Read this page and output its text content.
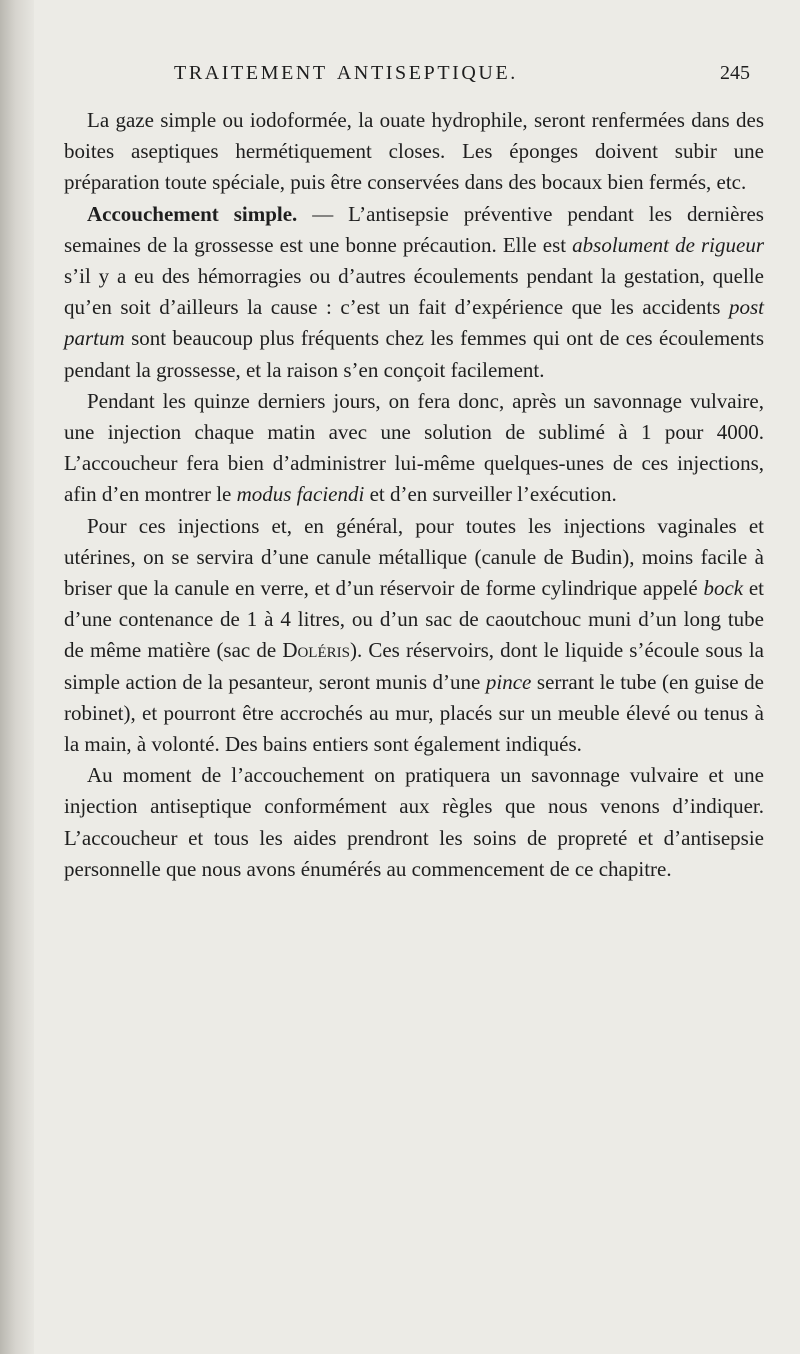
TRAITEMENT ANTISEPTIQUE.	245

La gaze simple ou iodoformée, la ouate hydrophile, seront renfermées dans des boites aseptiques hermétiquement closes. Les éponges doivent subir une préparation toute spéciale, puis être conservées dans des bocaux bien fermés, etc.

Accouchement simple. — L’antisepsie préventive pendant les dernières semaines de la grossesse est une bonne précaution. Elle est absolument de rigueur s’il y a eu des hémorragies ou d’autres écoulements pendant la gestation, quelle qu’en soit d’ailleurs la cause : c’est un fait d’expérience que les accidents post partum sont beaucoup plus fréquents chez les femmes qui ont de ces écoulements pendant la grossesse, et la raison s’en conçoit facilement.

Pendant les quinze derniers jours, on fera donc, après un savonnage vulvaire, une injection chaque matin avec une solution de sublimé à 1 pour 4000. L’accoucheur fera bien d’administrer lui-même quelques-unes de ces injections, afin d’en montrer le modus faciendi et d’en surveiller l’exécution.

Pour ces injections et, en général, pour toutes les injections vaginales et utérines, on se servira d’une canule métallique (canule de Budin), moins facile à briser que la canule en verre, et d’un réservoir de forme cylindrique appelé bock et d’une contenance de 1 à 4 litres, ou d’un sac de caoutchouc muni d’un long tube de même matière (sac de Doléris). Ces réservoirs, dont le liquide s’écoule sous la simple action de la pesanteur, seront munis d’une pince serrant le tube (en guise de robinet), et pourront être accrochés au mur, placés sur un meuble élevé ou tenus à la main, à volonté. Des bains entiers sont également indiqués.

Au moment de l’accouchement on pratiquera un savonnage vulvaire et une injection antiseptique conformément aux règles que nous venons d’indiquer. L’accoucheur et tous les aides prendront les soins de propreté et d’antisepsie personnelle que nous avons énumérés au commencement de ce chapitre.
